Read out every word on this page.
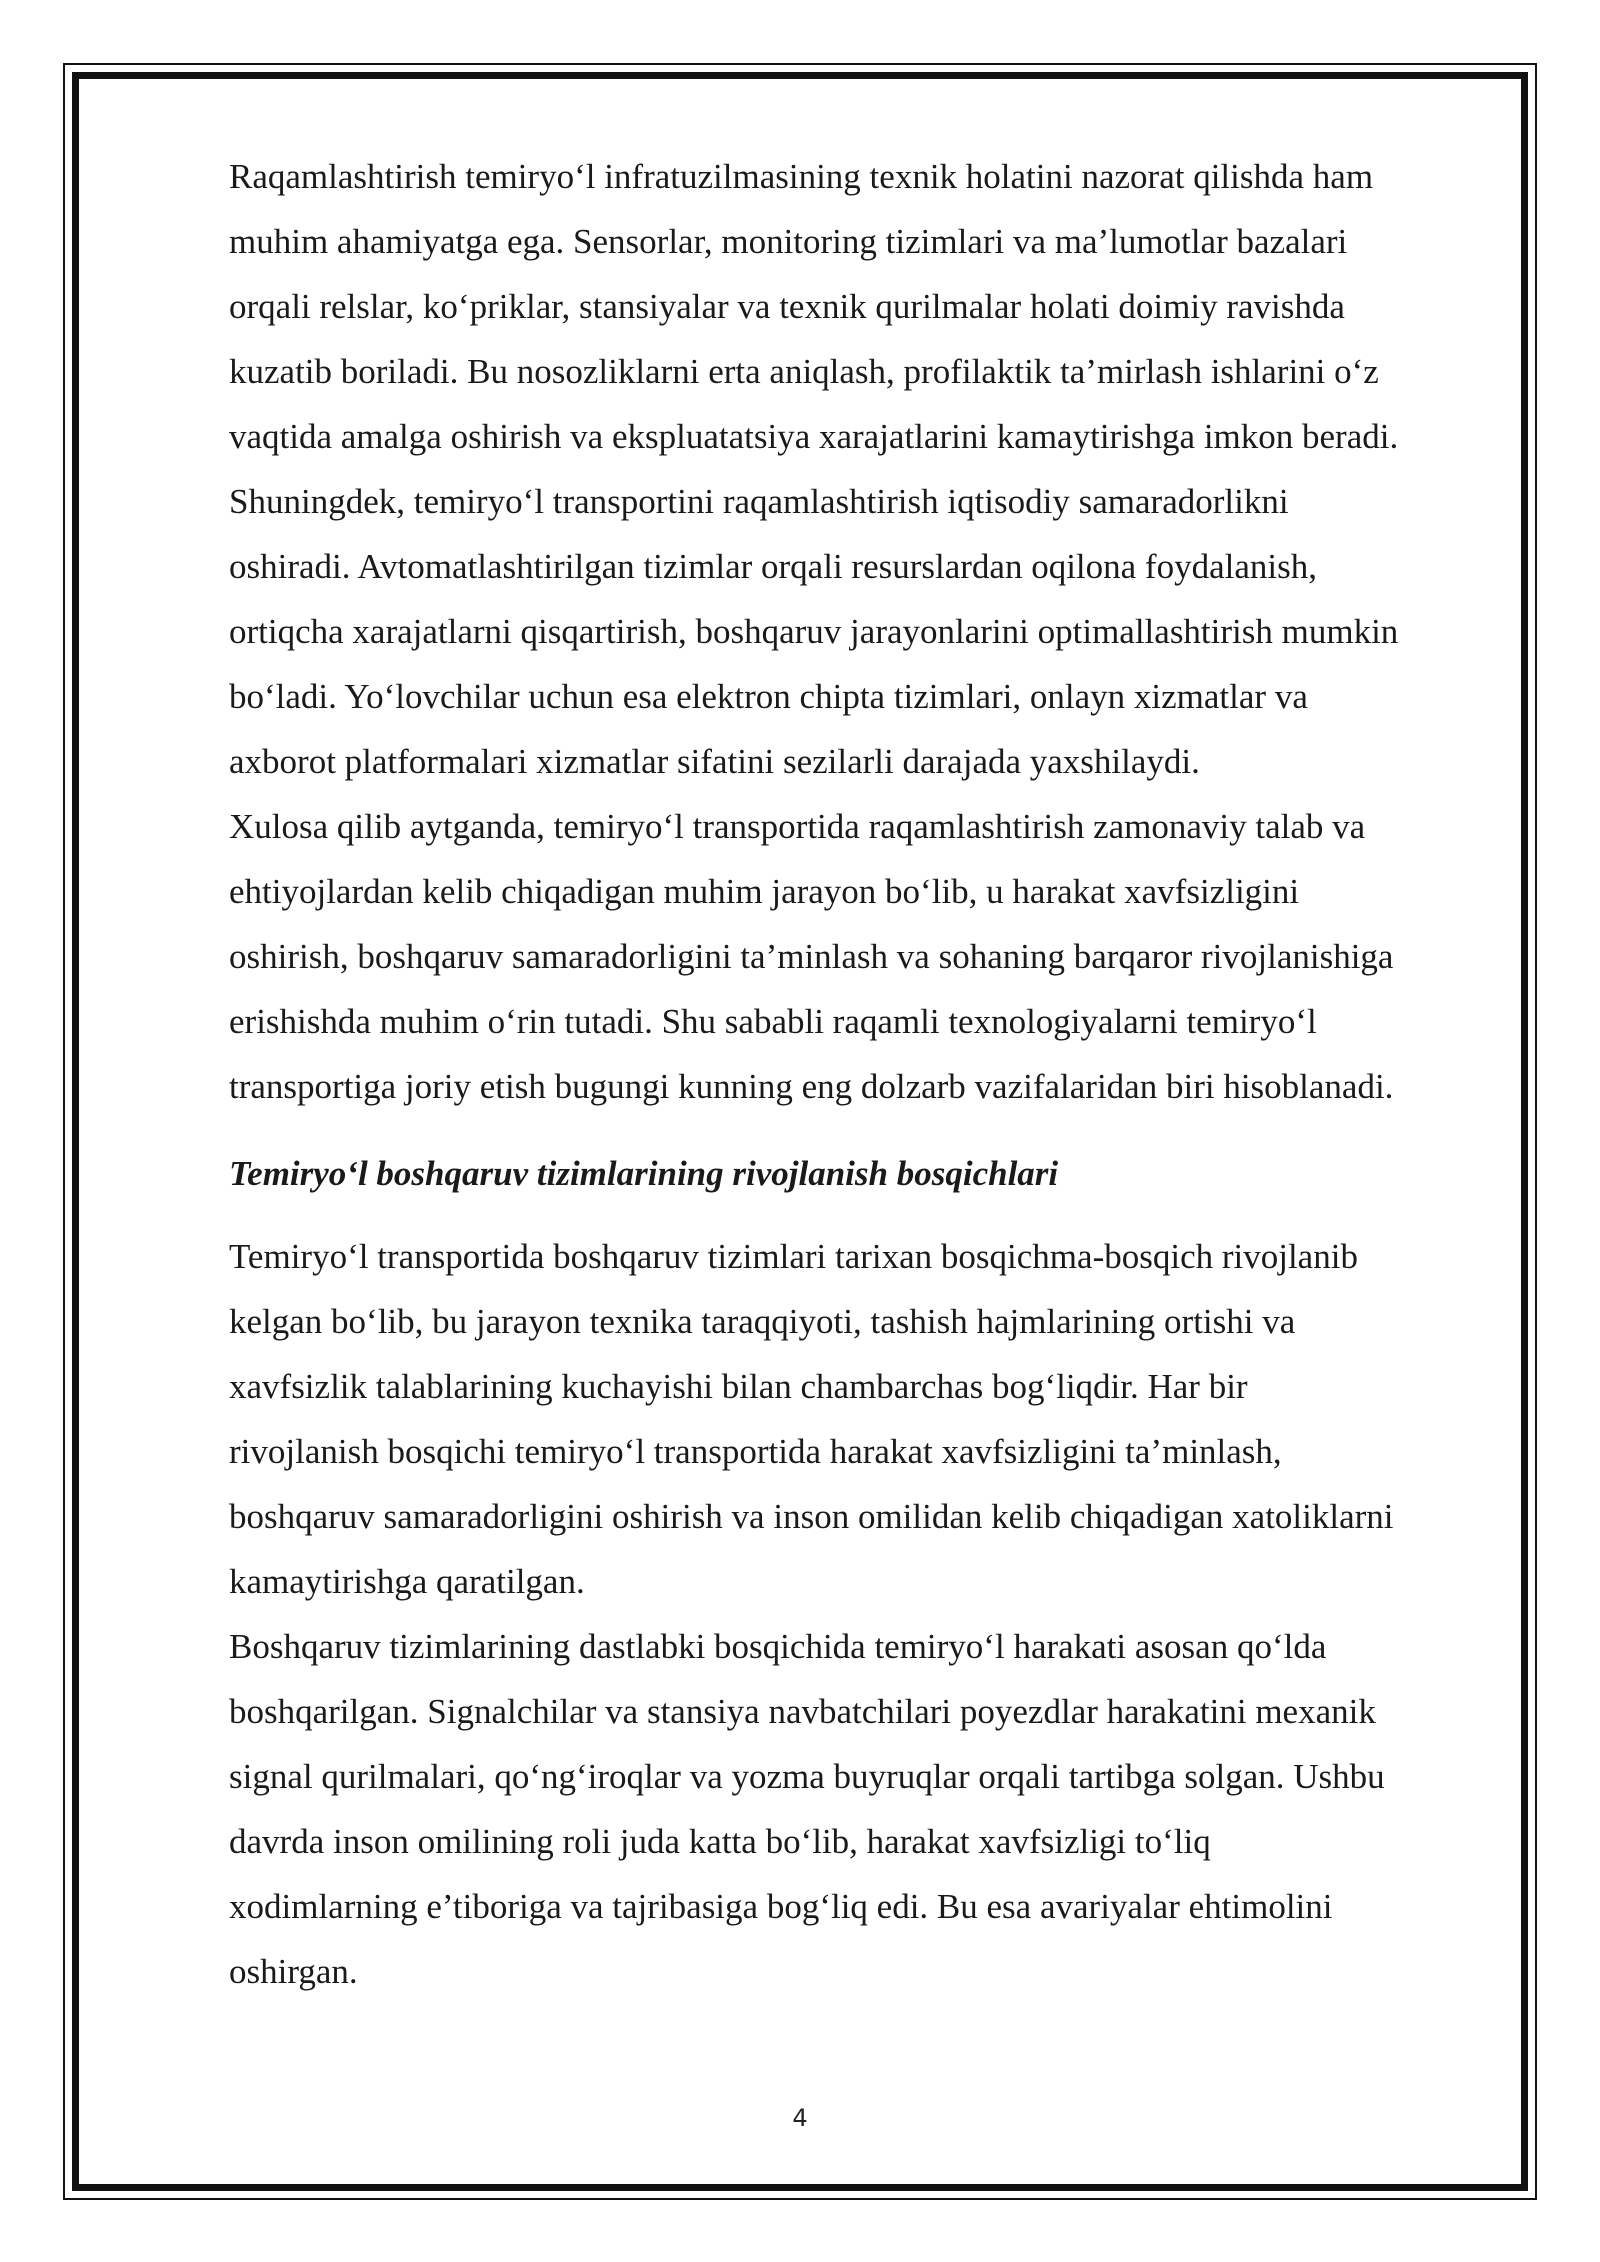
Raqamlashtirish temiryo‘l infratuzilmasining texnik holatini nazorat qilishda ham
muhim ahamiyatga ega. Sensorlar, monitoring tizimlari va ma’lumotlar bazalari
orqali relslar, ko‘priklar, stansiyalar va texnik qurilmalar holati doimiy ravishda
kuzatib boriladi. Bu nosozliklarni erta aniqlash, profilaktik ta’mirlash ishlarini o‘z
vaqtida amalga oshirish va ekspluatatsiya xarajatlarini kamaytirishga imkon beradi.

Shuningdek, temiryo‘l transportini raqamlashtirish iqtisodiy samaradorlikni
oshiradi. Avtomatlashtirilgan tizimlar orqali resurslardan oqilona foydalanish,
ortiqcha xarajatlarni qisqartirish, boshqaruv jarayonlarini optimallashtirish mumkin
bo‘ladi. Yo‘lovchilar uchun esa elektron chipta tizimlari, onlayn xizmatlar va
axborot platformalari xizmatlar sifatini sezilarli darajada yaxshilaydi.

Xulosa qilib aytganda, temiryo‘l transportida raqamlashtirish zamonaviy talab va
ehtiyojlardan kelib chiqadigan muhim jarayon bo‘lib, u harakat xavfsizligini
oshirish, boshqaruv samaradorligini ta’minlash va sohaning barqaror rivojlanishiga
erishishda muhim o‘rin tutadi. Shu sababli raqamli texnologiyalarni temiryo‘l
transportiga joriy etish bugungi kunning eng dolzarb vazifalaridan biri hisoblanadi.

Temiryo‘l boshqaruv tizimlarining rivojlanish bosqichlari

Temiryo‘l transportida boshqaruv tizimlari tarixan bosqichma-bosqich rivojlanib
kelgan bo‘lib, bu jarayon texnika taraqqiyoti, tashish hajmlarining ortishi va
xavfsizlik talablarining kuchayishi bilan chambarchas bog‘liqdir. Har bir
rivojlanish bosqichi temiryo‘l transportida harakat xavfsizligini ta’minlash,
boshqaruv samaradorligini oshirish va inson omilidan kelib chiqadigan xatoliklarni
kamaytirishga qaratilgan.

Boshqaruv tizimlarining dastlabki bosqichida temiryo‘l harakati asosan qo‘lda
boshqarilgan. Signalchilar va stansiya navbatchilari poyezdlar harakatini mexanik
signal qurilmalari, qo‘ng‘iroqlar va yozma buyruqlar orqali tartibga solgan. Ushbu
davrda inson omilining roli juda katta bo‘lib, harakat xavfsizligi to‘liq
xodimlarning e’tiboriga va tajribasiga bog‘liq edi. Bu esa avariyalar ehtimolini
oshirgan.

4
